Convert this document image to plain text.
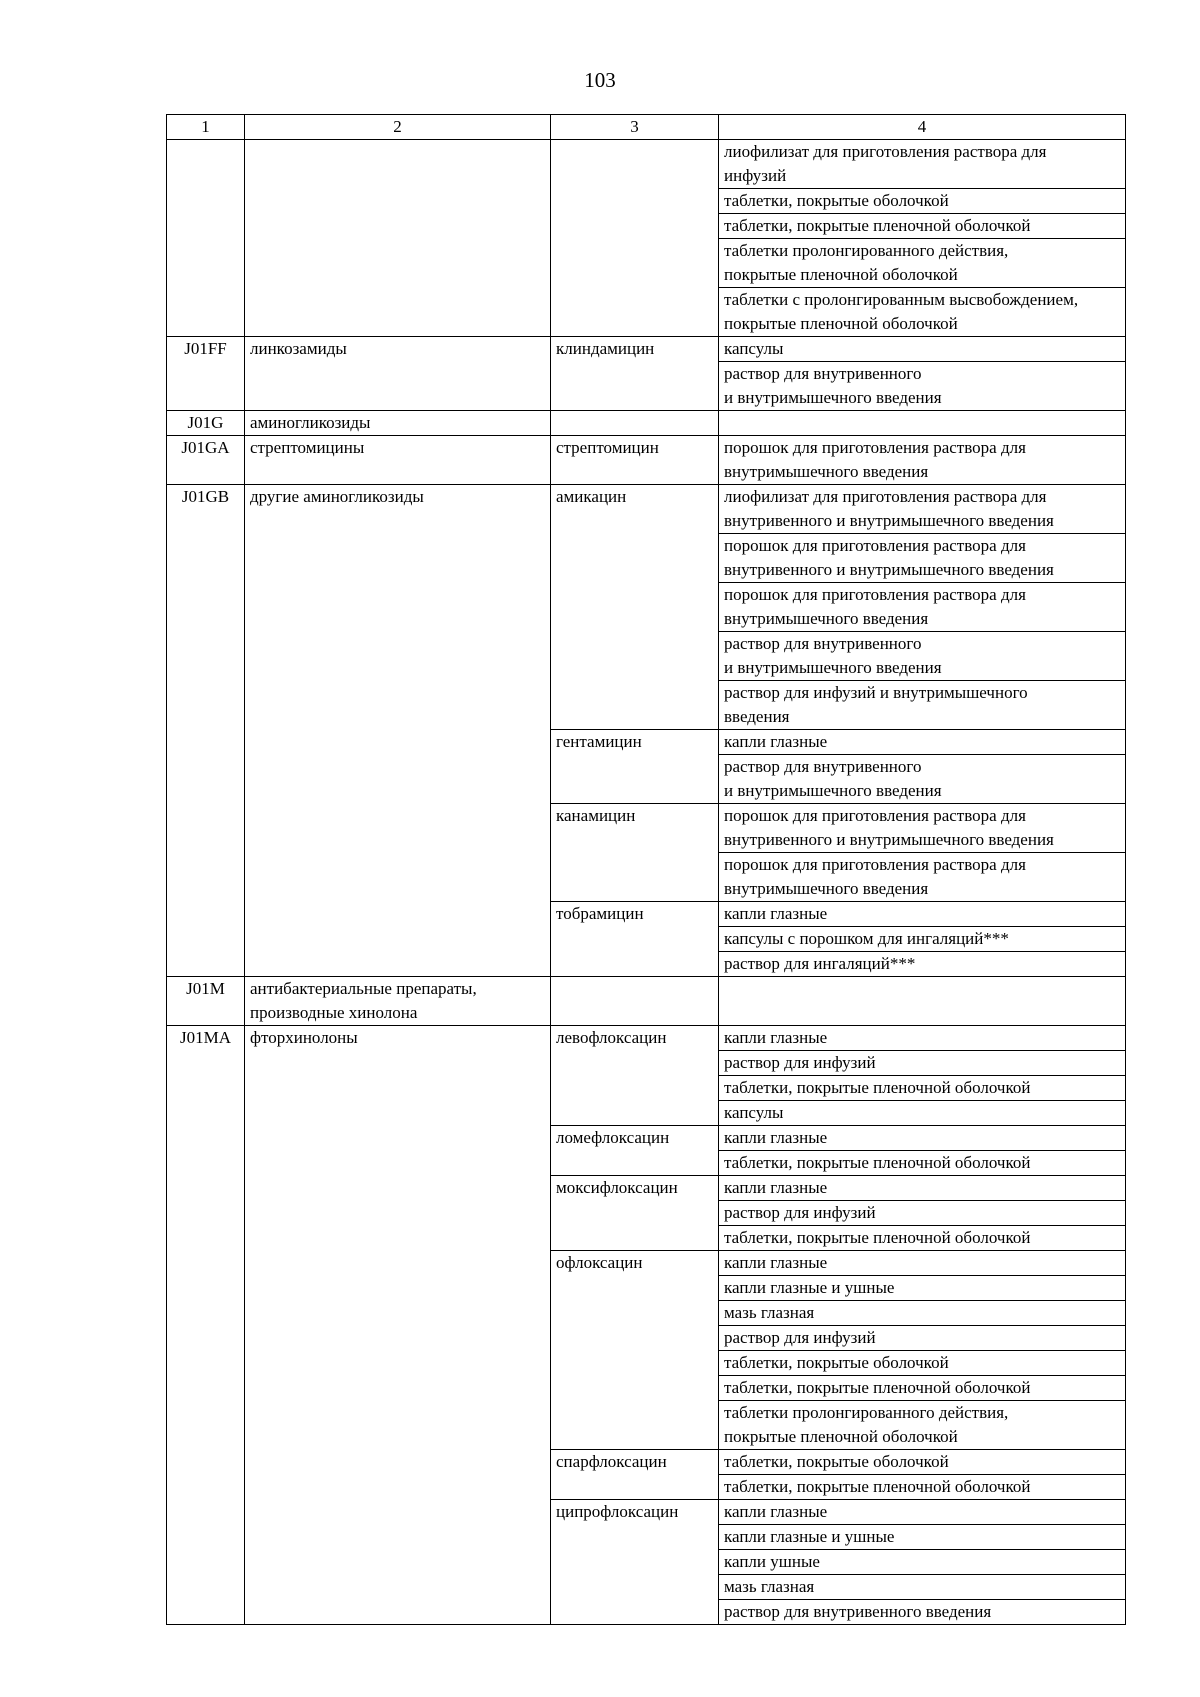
103
1	2	3	4
			лиофилизат для приготовления раствора для
инфузий
			таблетки, покрытые оболочкой
			таблетки, покрытые пленочной оболочкой
			таблетки пролонгированного действия,
покрытые пленочной оболочкой
			таблетки с пролонгированным высвобождением,
покрытые пленочной оболочкой
J01FF	линкозамиды	клиндамицин	капсулы
			раствор для внутривенного
и внутримышечного введения
J01G	аминогликозиды		
J01GA	стрептомицины	стрептомицин	порошок для приготовления раствора для
внутримышечного введения
J01GB	другие аминогликозиды	амикацин	лиофилизат для приготовления раствора для
внутривенного и внутримышечного введения
			порошок для приготовления раствора для
внутривенного и внутримышечного введения
			порошок для приготовления раствора для
внутримышечного введения
			раствор для внутривенного
и внутримышечного введения
			раствор для инфузий и внутримышечного
введения
		гентамицин	капли глазные
			раствор для внутривенного
и внутримышечного введения
		канамицин	порошок для приготовления раствора для
внутривенного и внутримышечного введения
			порошок для приготовления раствора для
внутримышечного введения
		тобрамицин	капли глазные
			капсулы с порошком для ингаляций***
			раствор для ингаляций***
J01M	антибактериальные препараты,
производные хинолона		

J01MA	фторхинолоны	левофлоксацин	капли глазные
			раствор для инфузий
			таблетки, покрытые пленочной оболочкой
			капсулы
		ломефлоксацин	капли глазные
			таблетки, покрытые пленочной оболочкой
		моксифлоксацин	капли глазные
			раствор для инфузий
			таблетки, покрытые пленочной оболочкой
		офлоксацин	капли глазные
			капли глазные и ушные
			мазь глазная
			раствор для инфузий
			таблетки, покрытые оболочкой
			таблетки, покрытые пленочной оболочкой
			таблетки пролонгированного действия,
покрытые пленочной оболочкой
		спарфлоксацин	таблетки, покрытые оболочкой
			таблетки, покрытые пленочной оболочкой
		ципрофлоксацин	капли глазные
			капли глазные и ушные
			капли ушные
			мазь глазная
			раствор для внутривенного введения
